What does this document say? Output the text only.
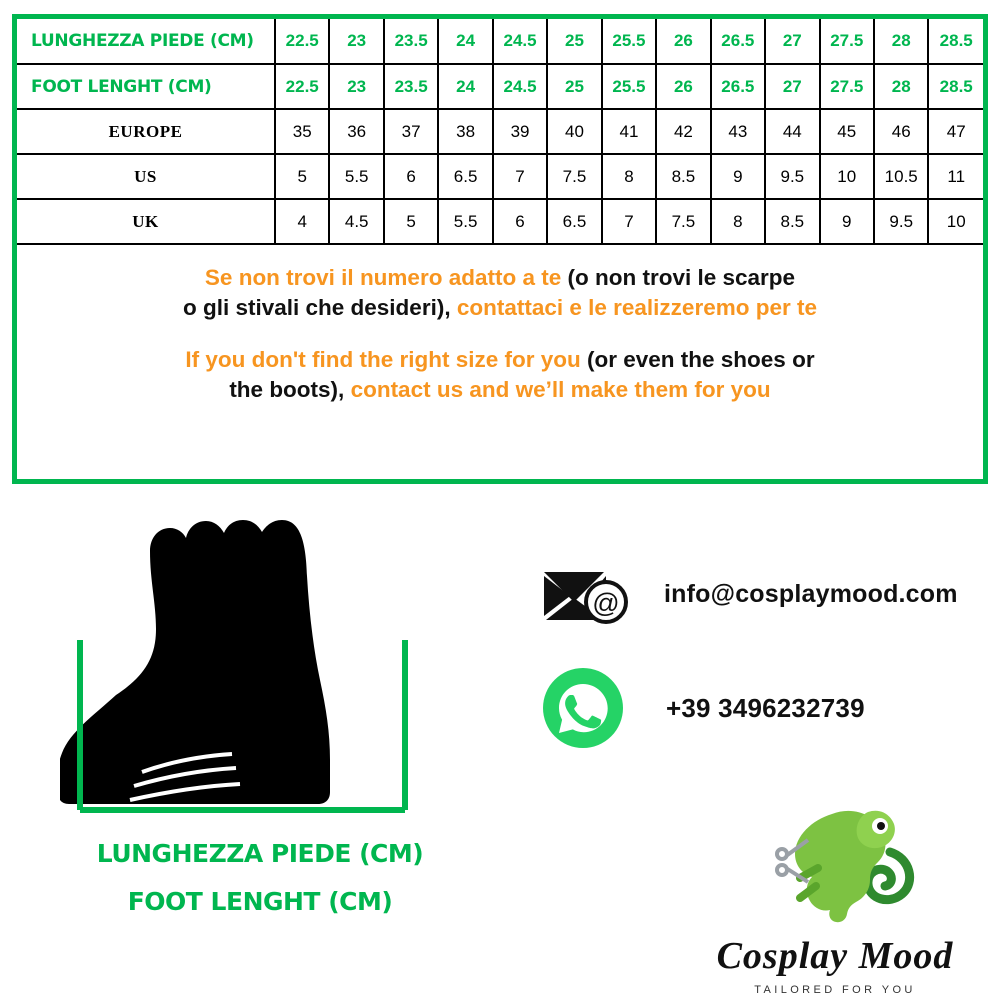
LUNGHEZZA PIEDE (CM)	22.5	23	23.5	24	24.5	25	25.5	26	26.5	27	27.5	28	28.5
FOOT LENGHT (CM)	22.5	23	23.5	24	24.5	25	25.5	26	26.5	27	27.5	28	28.5
EUROPE	35	36	37	38	39	40	41	42	43	44	45	46	47
US	5	5.5	6	6.5	7	7.5	8	8.5	9	9.5	10	10.5	11
UK	4	4.5	5	5.5	6	6.5	7	7.5	8	8.5	9	9.5	10

Se non trovi il numero adatto a te (o non trovi le scarpe

o gli stivali che desideri), contattaci e le realizzeremo per te

If you don't find the right size for you (or even the shoes or

the boots), contact us and we’ll make them for you

LUNGHEZZA PIEDE (CM)
FOOT LENGHT (CM)
@ info@cosplaymood.com
+39 3496232739
Cosplay Mood
TAILORED FOR YOU
